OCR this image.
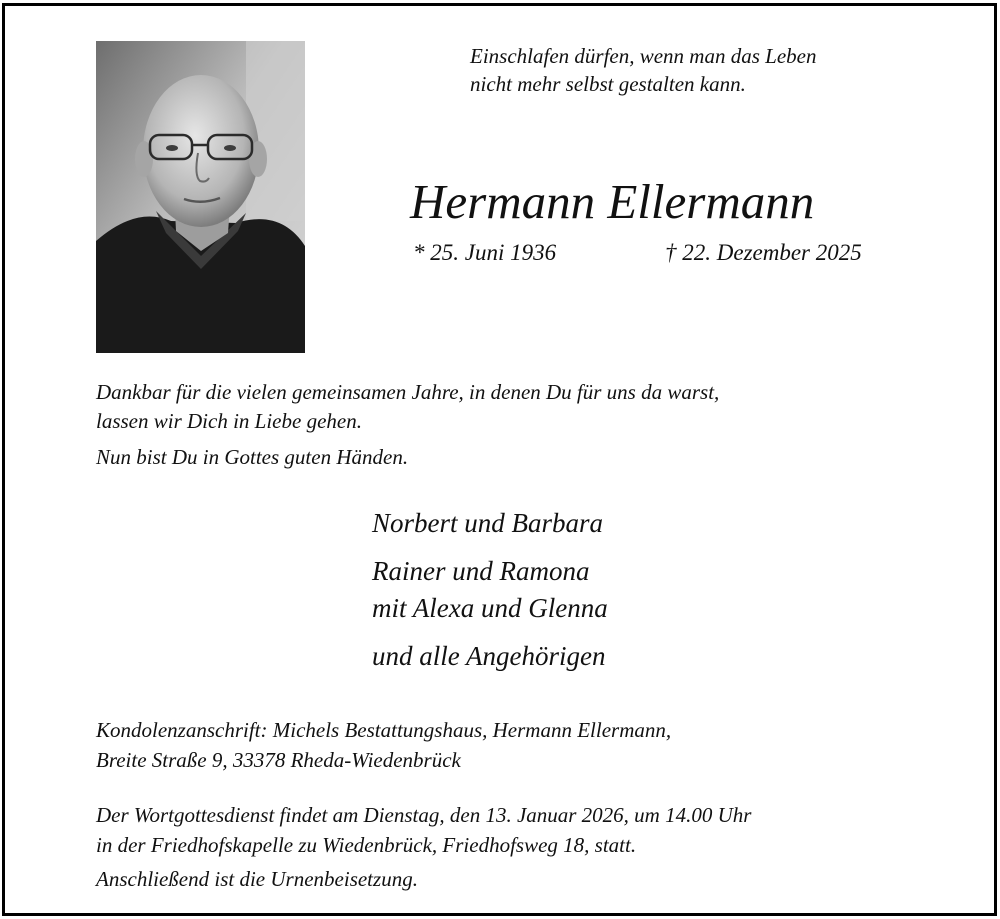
Einschlafen dürfen, wenn man das Leben
nicht mehr selbst gestalten kann.
Hermann Ellermann
* 25. Juni 1936	† 22. Dezember 2025
Dankbar für die vielen gemeinsamen Jahre, in denen Du für uns da warst,
lassen wir Dich in Liebe gehen.
Nun bist Du in Gottes guten Händen.
Norbert und Barbara
Rainer und Ramona
mit Alexa und Glenna
und alle Angehörigen
Kondolenzanschrift: Michels Bestattungshaus, Hermann Ellermann,
Breite Straße 9, 33378 Rheda-Wiedenbrück
Der Wortgottesdienst findet am Dienstag, den 13. Januar 2026, um 14.00 Uhr
in der Friedhofskapelle zu Wiedenbrück, Friedhofsweg 18, statt.
Anschließend ist die Urnenbeisetzung.
